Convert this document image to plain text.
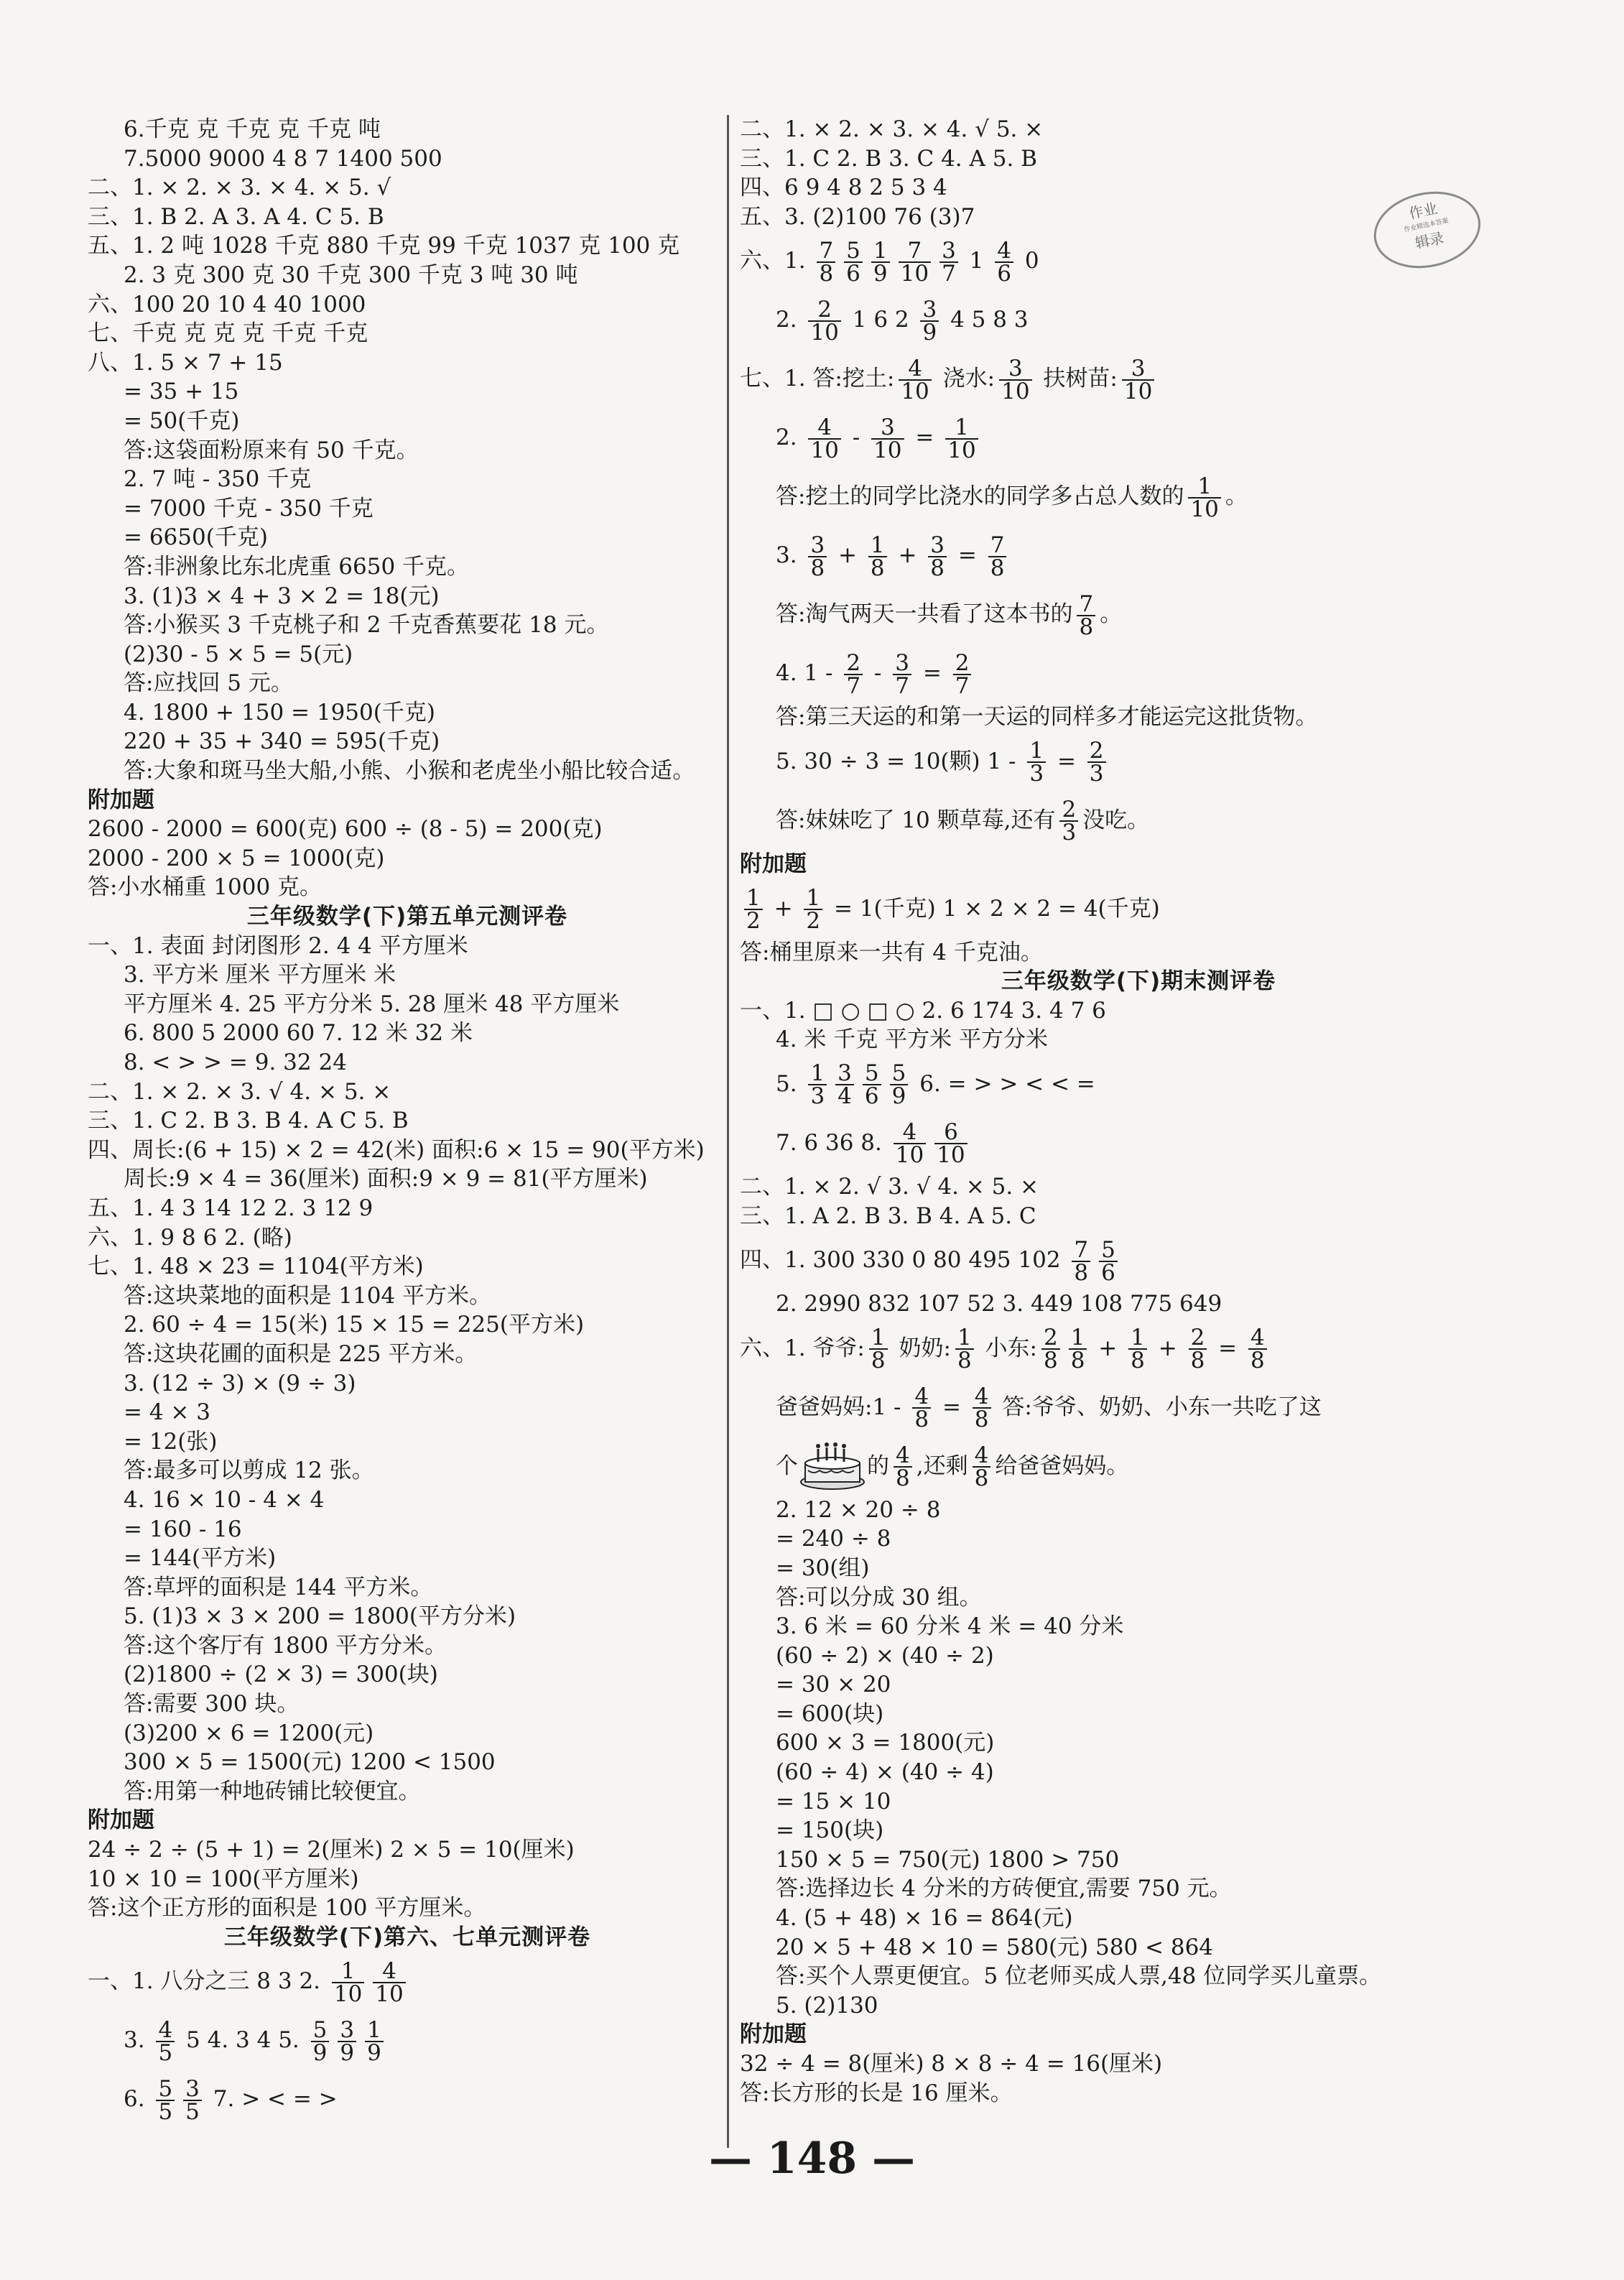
6.千克 克 千克 克 千克 吨
7.5000 9000 4 8 7 1400 500
二、1. × 2. × 3. × 4. × 5. √
三、1. B 2. A 3. A 4. C 5. B
五、1. 2 吨 1028 千克 880 千克 99 千克 1037 克 100 克
2. 3 克 300 克 30 千克 300 千克 3 吨 30 吨
六、100 20 10 4 40 1000
七、千克 克 克 克 千克 千克
八、1. 5 × 7 + 15
= 35 + 15
= 50(千克)
答:这袋面粉原来有 50 千克。
2. 7 吨 - 350 千克
= 7000 千克 - 350 千克
= 6650(千克)
答:非洲象比东北虎重 6650 千克。
3. (1)3 × 4 + 3 × 2 = 18(元)
答:小猴买 3 千克桃子和 2 千克香蕉要花 18 元。
(2)30 - 5 × 5 = 5(元)
答:应找回 5 元。
4. 1800 + 150 = 1950(千克)
220 + 35 + 340 = 595(千克)
答:大象和斑马坐大船,小熊、小猴和老虎坐小船比较合适。
附加题
2600 - 2000 = 600(克) 600 ÷ (8 - 5) = 200(克)
2000 - 200 × 5 = 1000(克)
答:小水桶重 1000 克。
三年级数学(下)第五单元测评卷
一、1. 表面 封闭图形 2. 4 4 平方厘米
3. 平方米 厘米 平方厘米 米
平方厘米 4. 25 平方分米 5. 28 厘米 48 平方厘米
6. 800 5 2000 60 7. 12 米 32 米
8. < > > = 9. 32 24
二、1. × 2. × 3. √ 4. × 5. ×
三、1. C 2. B 3. B 4. A C 5. B
四、周长:(6 + 15) × 2 = 42(米) 面积:6 × 15 = 90(平方米)
周长:9 × 4 = 36(厘米) 面积:9 × 9 = 81(平方厘米)
五、1. 4 3 14 12 2. 3 12 9
六、1. 9 8 6 2. (略)
七、1. 48 × 23 = 1104(平方米)
答:这块菜地的面积是 1104 平方米。
2. 60 ÷ 4 = 15(米) 15 × 15 = 225(平方米)
答:这块花圃的面积是 225 平方米。
3. (12 ÷ 3) × (9 ÷ 3)
= 4 × 3
= 12(张)
答:最多可以剪成 12 张。
4. 16 × 10 - 4 × 4
= 160 - 16
= 144(平方米)
答:草坪的面积是 144 平方米。
5. (1)3 × 3 × 200 = 1800(平方分米)
答:这个客厅有 1800 平方分米。
(2)1800 ÷ (2 × 3) = 300(块)
答:需要 300 块。
(3)200 × 6 = 1200(元)
300 × 5 = 1500(元) 1200 < 1500
答:用第一种地砖铺比较便宜。
附加题
24 ÷ 2 ÷ (5 + 1) = 2(厘米) 2 × 5 = 10(厘米)
10 × 10 = 100(平方厘米)
答:这个正方形的面积是 100 平方厘米。
三年级数学(下)第六、七单元测评卷
一、1. 八分之三 8 3 2. $\frac{1}{10} \frac{4}{10}$
3. $\frac{4}{5} 5$ 4. 3 4 5. $\frac{5}{9} \frac{3}{9} \frac{1}{9}$
6. $\frac{5}{5} \frac{3}{5} 7$. > < = >
二、1. × 2. × 3. × 4. √ 5. ×
三、1. C 2. B 3. C 4. A 5. B
四、6 9 4 8 2 5 3 4
五、3. (2)100 76 (3)7
六、1. $\frac{7}{8} \frac{5}{6} \frac{1}{9} \frac{7}{10} \frac{3}{7} 1 \frac{4}{6} 0$
2. $\frac{2}{10} 1$ 6 $2 \frac{3}{9} 4$ 5 8 3
七、1. 答:挖土: $\frac{4}{10}$ 浇水: $\frac{3}{10}$ 扶树苗: $\frac{3}{10}$
2. $\frac{4}{10} - \frac{3}{10} = \frac{1}{10}$
答:挖土的同学比浇水的同学多占总人数的 $\frac{1}{10}$ 。
3. $\frac{3}{8} + \frac{1}{8} + \frac{3}{8} = \frac{7}{8}$
答:淘气两天一共看了这本书的 $\frac{7}{8}$ 。
4. $1 - \frac{2}{7} - \frac{3}{7} = \frac{2}{7}$
答:第三天运的和第一天运的同样多才能运完这批货物。
5. 30 ÷ 3 = 10(颗) $1 - \frac{1}{3} = \frac{2}{3}$
答:妹妹吃了 10 颗草莓,还有 $\frac{2}{3}$ 没吃。
附加题
$\frac{1}{2} + \frac{1}{2} = 1$(千克) 1 × 2 × 2 = 4(千克)
答:桶里原来一共有 4 千克油。
三年级数学(下)期末测评卷
一、1. □ ○ □ ○ 2. 6 174 3. 4 7 6
4. 米 千克 平方米 平方分米
5. $\frac{1}{3} \frac{3}{4} \frac{5}{6} \frac{5}{9} 6$. = > > < < =
7. 6 36 8. $\frac{4}{10} \frac{6}{10}$
二、1. × 2. √ 3. √ 4. × 5. ×
三、1. A 2. B 3. B 4. A 5. C
四、1. 300 330 0 80 495 $102 \frac{7}{8} \frac{5}{6}$
2. 2990 832 107 52 3. 449 108 775 649
六、1. 爷爷: $\frac{1}{8}$ 奶奶: $\frac{1}{8}$ 小东: $\frac{2}{8} \frac{1}{8} + \frac{1}{8} + \frac{2}{8} = \frac{4}{8}$
爸爸妈妈:1 - $\frac{4}{8} = \frac{4}{8}$ 答:爷爷、奶奶、小东一共吃了这
个	的 $\frac{4}{8}$ ,还剩 $\frac{4}{8}$ 给爸爸妈妈。
2. 12 × 20 ÷ 8
= 240 ÷ 8
= 30(组)
答:可以分成 30 组。
3. 6 米 = 60 分米 4 米 = 40 分米
(60 ÷ 2) × (40 ÷ 2)
= 30 × 20
= 600(块)
600 × 3 = 1800(元)
(60 ÷ 4) × (40 ÷ 4)
= 15 × 10
= 150(块)
150 × 5 = 750(元) 1800 > 750
答:选择边长 4 分米的方砖便宜,需要 750 元。
4. (5 + 48) × 16 = 864(元)
20 × 5 + 48 × 10 = 580(元) 580 < 864
答:买个人票更便宜。5 位老师买成人票,48 位同学买儿童票。
5. (2)130
附加题
32 ÷ 4 = 8(厘米) 8 × 8 ÷ 4 = 16(厘米)
答:长方形的长是 16 厘米。
作业
作业精选本答案
辑录
— 148 —
